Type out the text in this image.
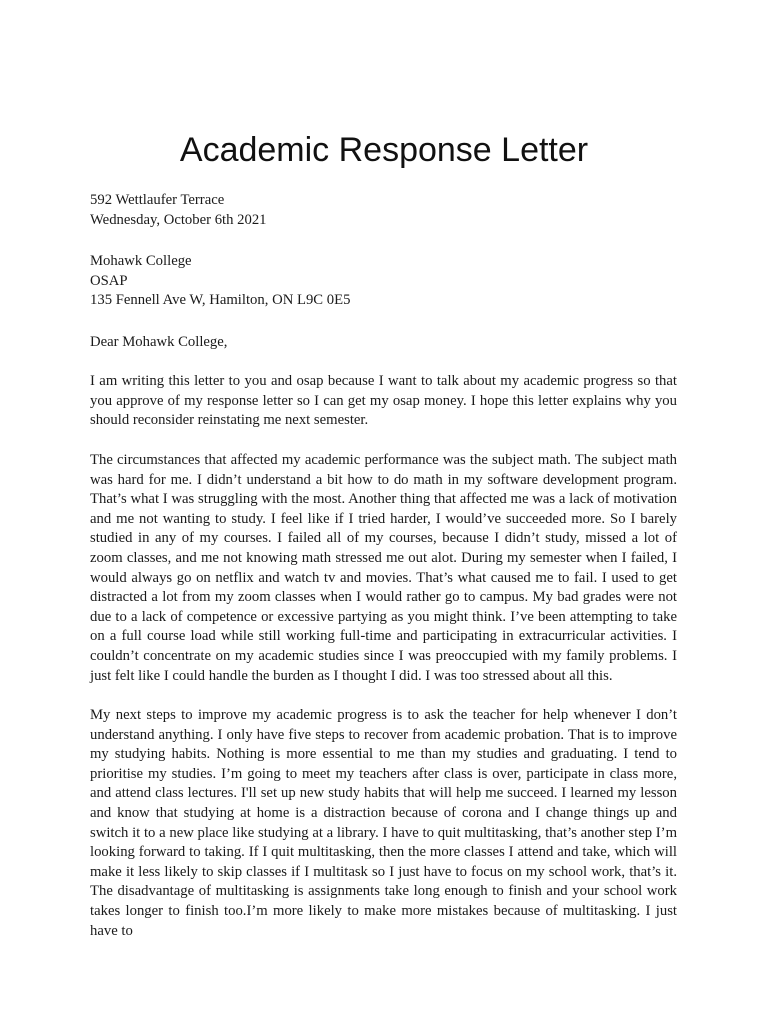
Academic Response Letter
592 Wettlaufer Terrace
Wednesday, October 6th 2021
Mohawk College
OSAP
135 Fennell Ave W, Hamilton, ON L9C 0E5
Dear Mohawk College,

I am writing this letter to you and osap because I want to talk about my academic progress so that you approve of my response letter so I can get my osap money. I hope this letter explains why you should reconsider reinstating me next semester.

The circumstances that affected my academic performance was the subject math. The subject math was hard for me. I didn’t understand a bit how to do math in my software development program. That’s what I was struggling with the most. Another thing that affected me was a lack of motivation and me not wanting to study. I feel like if I tried harder, I would’ve succeeded more. So I barely studied in any of my courses. I failed all of my courses, because I didn’t study, missed a lot of zoom classes, and me not knowing math stressed me out alot. During my semester when I failed, I would always go on netflix and watch tv and movies. That’s what caused me to fail. I used to get distracted a lot from my zoom classes when I would rather go to campus. My bad grades were not due to a lack of competence or excessive partying as you might think. I’ve been attempting to take on a full course load while still working full-time and participating in extracurricular activities. I couldn’t concentrate on my academic studies since I was preoccupied with my family problems. I just felt like I could handle the burden as I thought I did. I was too stressed about all this.

My next steps to improve my academic progress is to ask the teacher for help whenever I don’t understand anything. I only have five steps to recover from academic probation. That is to improve my studying habits. Nothing is more essential to me than my studies and graduating. I tend to prioritise my studies. I’m going to meet my teachers after class is over, participate in class more, and attend class lectures. I'll set up new study habits that will help me succeed. I learned my lesson and know that studying at home is a distraction because of corona and I change things up and switch it to a new place like studying at a library. I have to quit multitasking, that’s another step I’m looking forward to taking. If I quit multitasking, then the more classes I attend and take, which will make it less likely to skip classes if I multitask so I just have to focus on my school work, that’s it. The disadvantage of multitasking is assignments take long enough to finish and your school work takes longer to finish too.I’m more likely to make more mistakes because of multitasking. I just have to
